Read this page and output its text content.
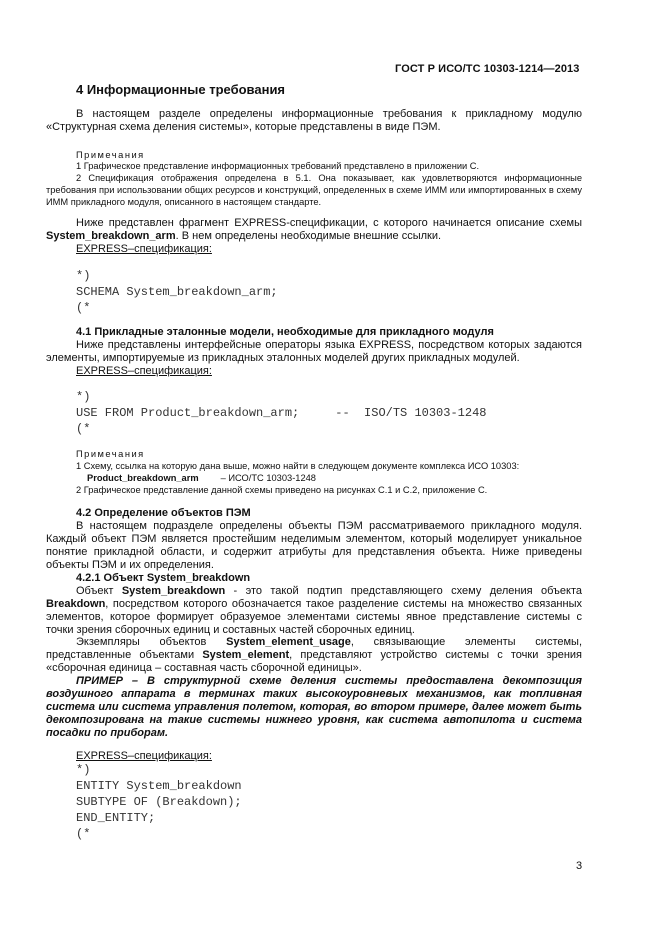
ГОСТ Р ИСО/ТС 10303-1214—2013
4 Информационные требования
В настоящем разделе определены информационные требования к прикладному модулю «Структурная схема деления системы», которые представлены в виде ПЭМ.
Примечания
1 Графическое представление информационных требований представлено в приложении С.
2 Спецификация отображения определена в 5.1. Она показывает, как удовлетворяются информационные требования при использовании общих ресурсов и конструкций, определенных в схеме ИММ или импортированных в схему ИММ прикладного модуля, описанного в настоящем стандарте.
Ниже представлен фрагмент EXPRESS-спецификации, с которого начинается описание схемы System_breakdown_arm. В нем определены необходимые внешние ссылки.
EXPRESS–спецификация:
*)
SCHEMA System_breakdown_arm;
(*
4.1 Прикладные эталонные модели, необходимые для прикладного модуля
Ниже представлены интерфейсные операторы языка EXPRESS, посредством которых задаются элементы, импортируемые из прикладных эталонных моделей других прикладных модулей.
EXPRESS–спецификация:
*)
USE FROM Product_breakdown_arm;     --  ISO/TS 10303-1248
(*
Примечания
1 Схему, ссылка на которую дана выше, можно найти в следующем документе комплекса ИСО 10303:
Product_breakdown_arm – ИСО/ТС 10303-1248
2 Графическое представление данной схемы приведено на рисунках С.1 и С.2, приложение С.
4.2 Определение объектов ПЭМ
В настоящем подразделе определены объекты ПЭМ рассматриваемого прикладного модуля. Каждый объект ПЭМ является простейшим неделимым элементом, который моделирует уникальное понятие прикладной области, и содержит атрибуты для представления объекта. Ниже приведены объекты ПЭМ и их определения.
4.2.1 Объект System_breakdown
Объект System_breakdown - это такой подтип представляющего схему деления объекта Breakdown, посредством которого обозначается такое разделение системы на множество связанных элементов, которое формирует образуемое элементами системы явное представление системы с точки зрения сборочных единиц и составных частей сборочных единиц.
Экземпляры объектов System_element_usage, связывающие элементы системы, представленные объектами System_element, представляют устройство системы с точки зрения «сборочная единица – составная часть сборочной единицы».
ПРИМЕР – В структурной схеме деления системы предоставлена декомпозиция воздушного аппарата в терминах таких высокоуровневых механизмов, как топливная система или система управления полетом, которая, во втором примере, далее может быть декомпозирована на такие системы нижнего уровня, как система автопилота и система посадки по приборам.
EXPRESS–спецификация:
*)
ENTITY System_breakdown
SUBTYPE OF (Breakdown);
END_ENTITY;
(*
3
